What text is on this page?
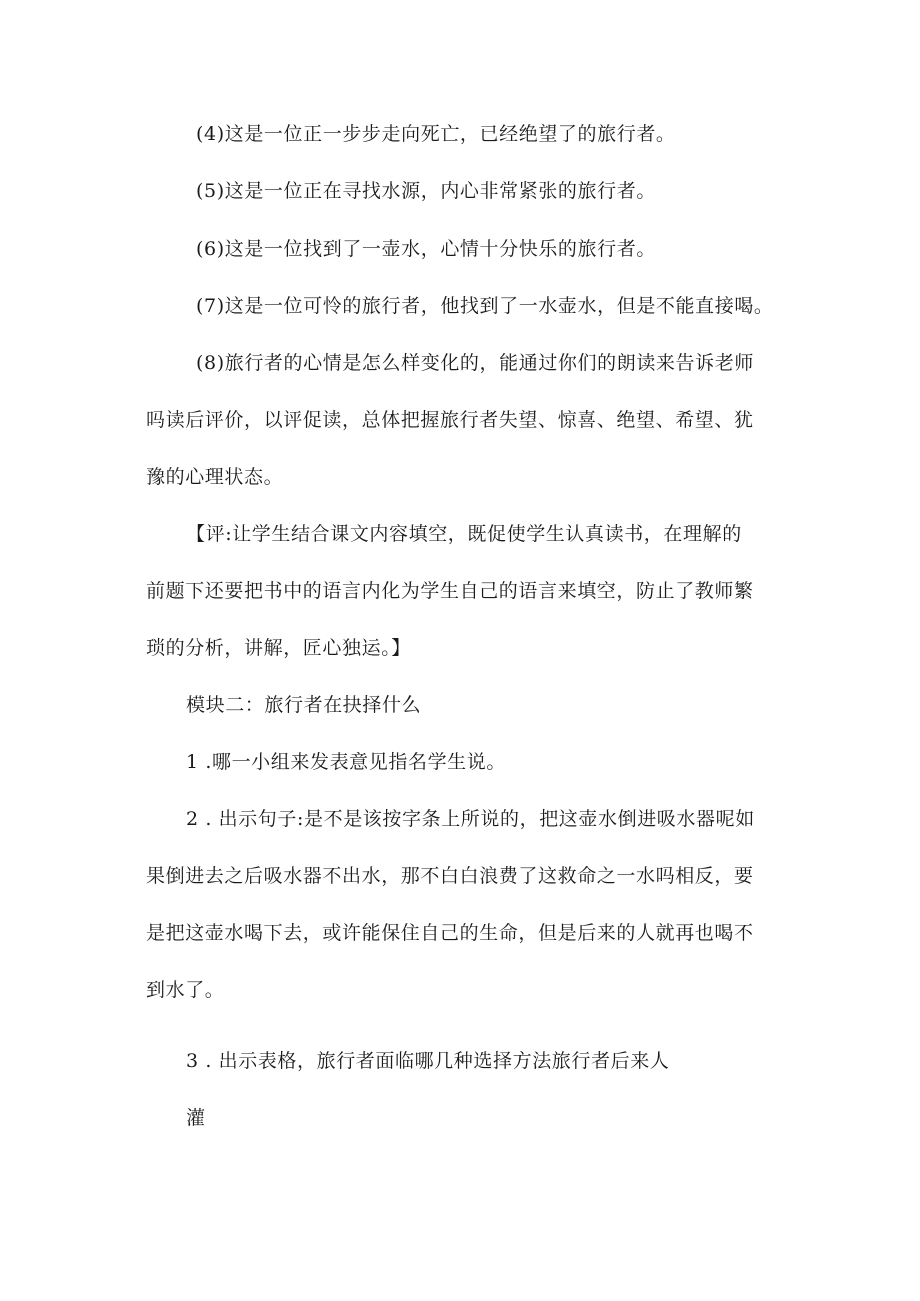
(4)这是一位正一步步走向死亡，已经绝望了的旅行者。
(5)这是一位正在寻找水源，内心非常紧张的旅行者。
(6)这是一位找到了一壶水，心情十分快乐的旅行者。
(7)这是一位可怜的旅行者，他找到了一水壶水，但是不能直接喝。
(8)旅行者的心情是怎么样变化的，能通过你们的朗读来告诉老师
吗读后评价，以评促读，总体把握旅行者失望、惊喜、绝望、希望、犹
豫的心理状态。
【评:让学生结合课文内容填空，既促使学生认真读书，在理解的
前题下还要把书中的语言内化为学生自己的语言来填空，防止了教师繁
琐的分析，讲解，匠心独运。】
模块二：旅行者在抉择什么
1 .哪一小组来发表意见指名学生说。
2 . 出示句子:是不是该按字条上所说的，把这壶水倒进吸水器呢如
果倒进去之后吸水器不出水，那不白白浪费了这救命之一水吗相反，要
是把这壶水喝下去，或许能保住自己的生命，但是后来的人就再也喝不
到水了。
3 . 出示表格，旅行者面临哪几种选择方法旅行者后来人
灌
